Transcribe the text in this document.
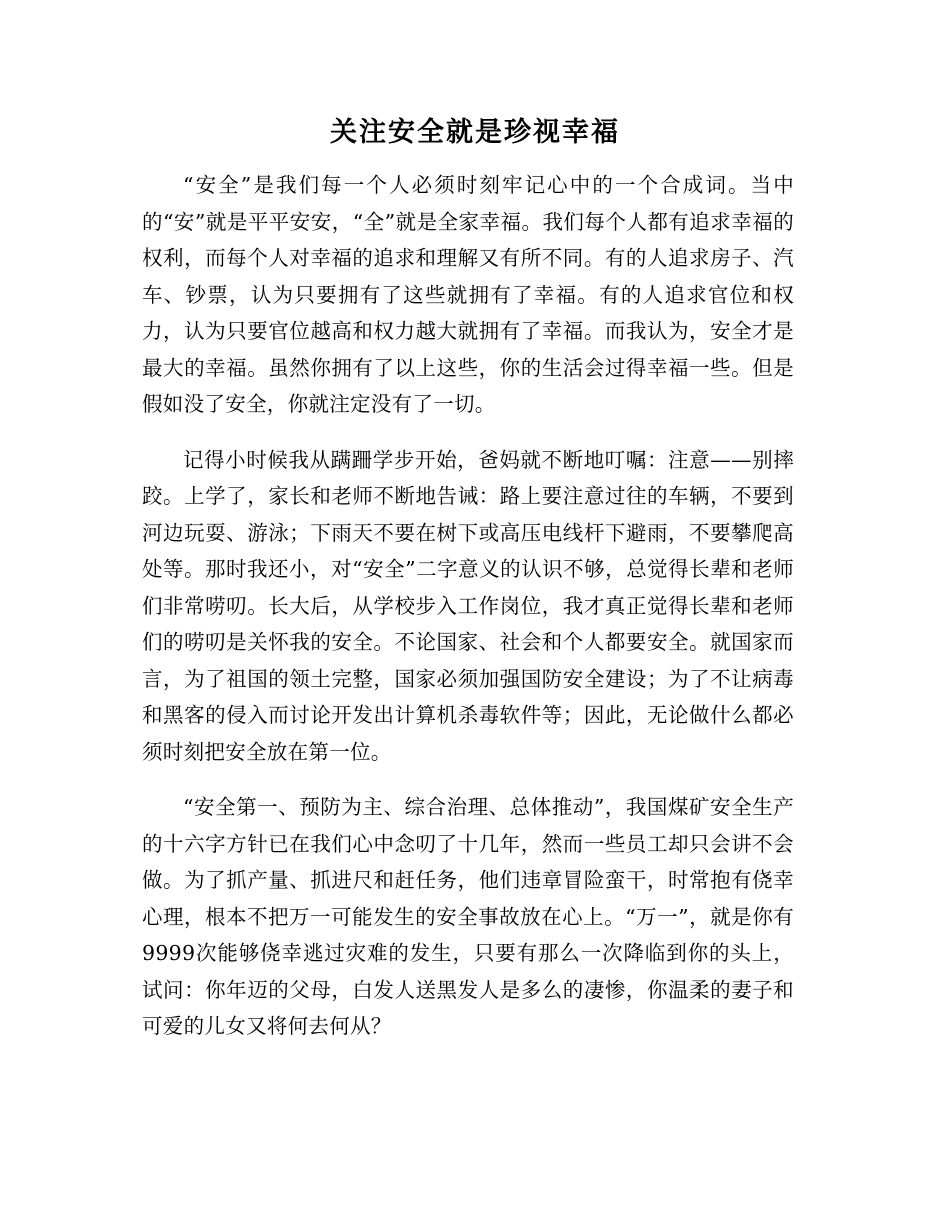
关注安全就是珍视幸福

“安全”是我们每一个人必须时刻牢记心中的一个合成词。当中的“安”就是平平安安，“全”就是全家幸福。我们每个人都有追求幸福的权利，而每个人对幸福的追求和理解又有所不同。有的人追求房子、汽车、钞票，认为只要拥有了这些就拥有了幸福。有的人追求官位和权力，认为只要官位越高和权力越大就拥有了幸福。而我认为，安全才是最大的幸福。虽然你拥有了以上这些，你的生活会过得幸福一些。但是假如没了安全，你就注定没有了一切。

记得小时候我从蹒跚学步开始，爸妈就不断地叮嘱：注意——别摔跤。上学了，家长和老师不断地告诫：路上要注意过往的车辆，不要到河边玩耍、游泳；下雨天不要在树下或高压电线杆下避雨，不要攀爬高处等。那时我还小，对“安全”二字意义的认识不够，总觉得长辈和老师们非常唠叨。长大后，从学校步入工作岗位，我才真正觉得长辈和老师们的唠叨是关怀我的安全。不论国家、社会和个人都要安全。就国家而言，为了祖国的领土完整，国家必须加强国防安全建设；为了不让病毒和黑客的侵入而讨论开发出计算机杀毒软件等；因此，无论做什么都必须时刻把安全放在第一位。

“安全第一、预防为主、综合治理、总体推动”，我国煤矿安全生产的十六字方针已在我们心中念叨了十几年，然而一些员工却只会讲不会做。为了抓产量、抓进尺和赶任务，他们违章冒险蛮干，时常抱有侥幸心理，根本不把万一可能发生的安全事故放在心上。“万一”，就是你有9999次能够侥幸逃过灾难的发生，只要有那么一次降临到你的头上，试问：你年迈的父母，白发人送黑发人是多么的凄惨，你温柔的妻子和可爱的儿女又将何去何从？
